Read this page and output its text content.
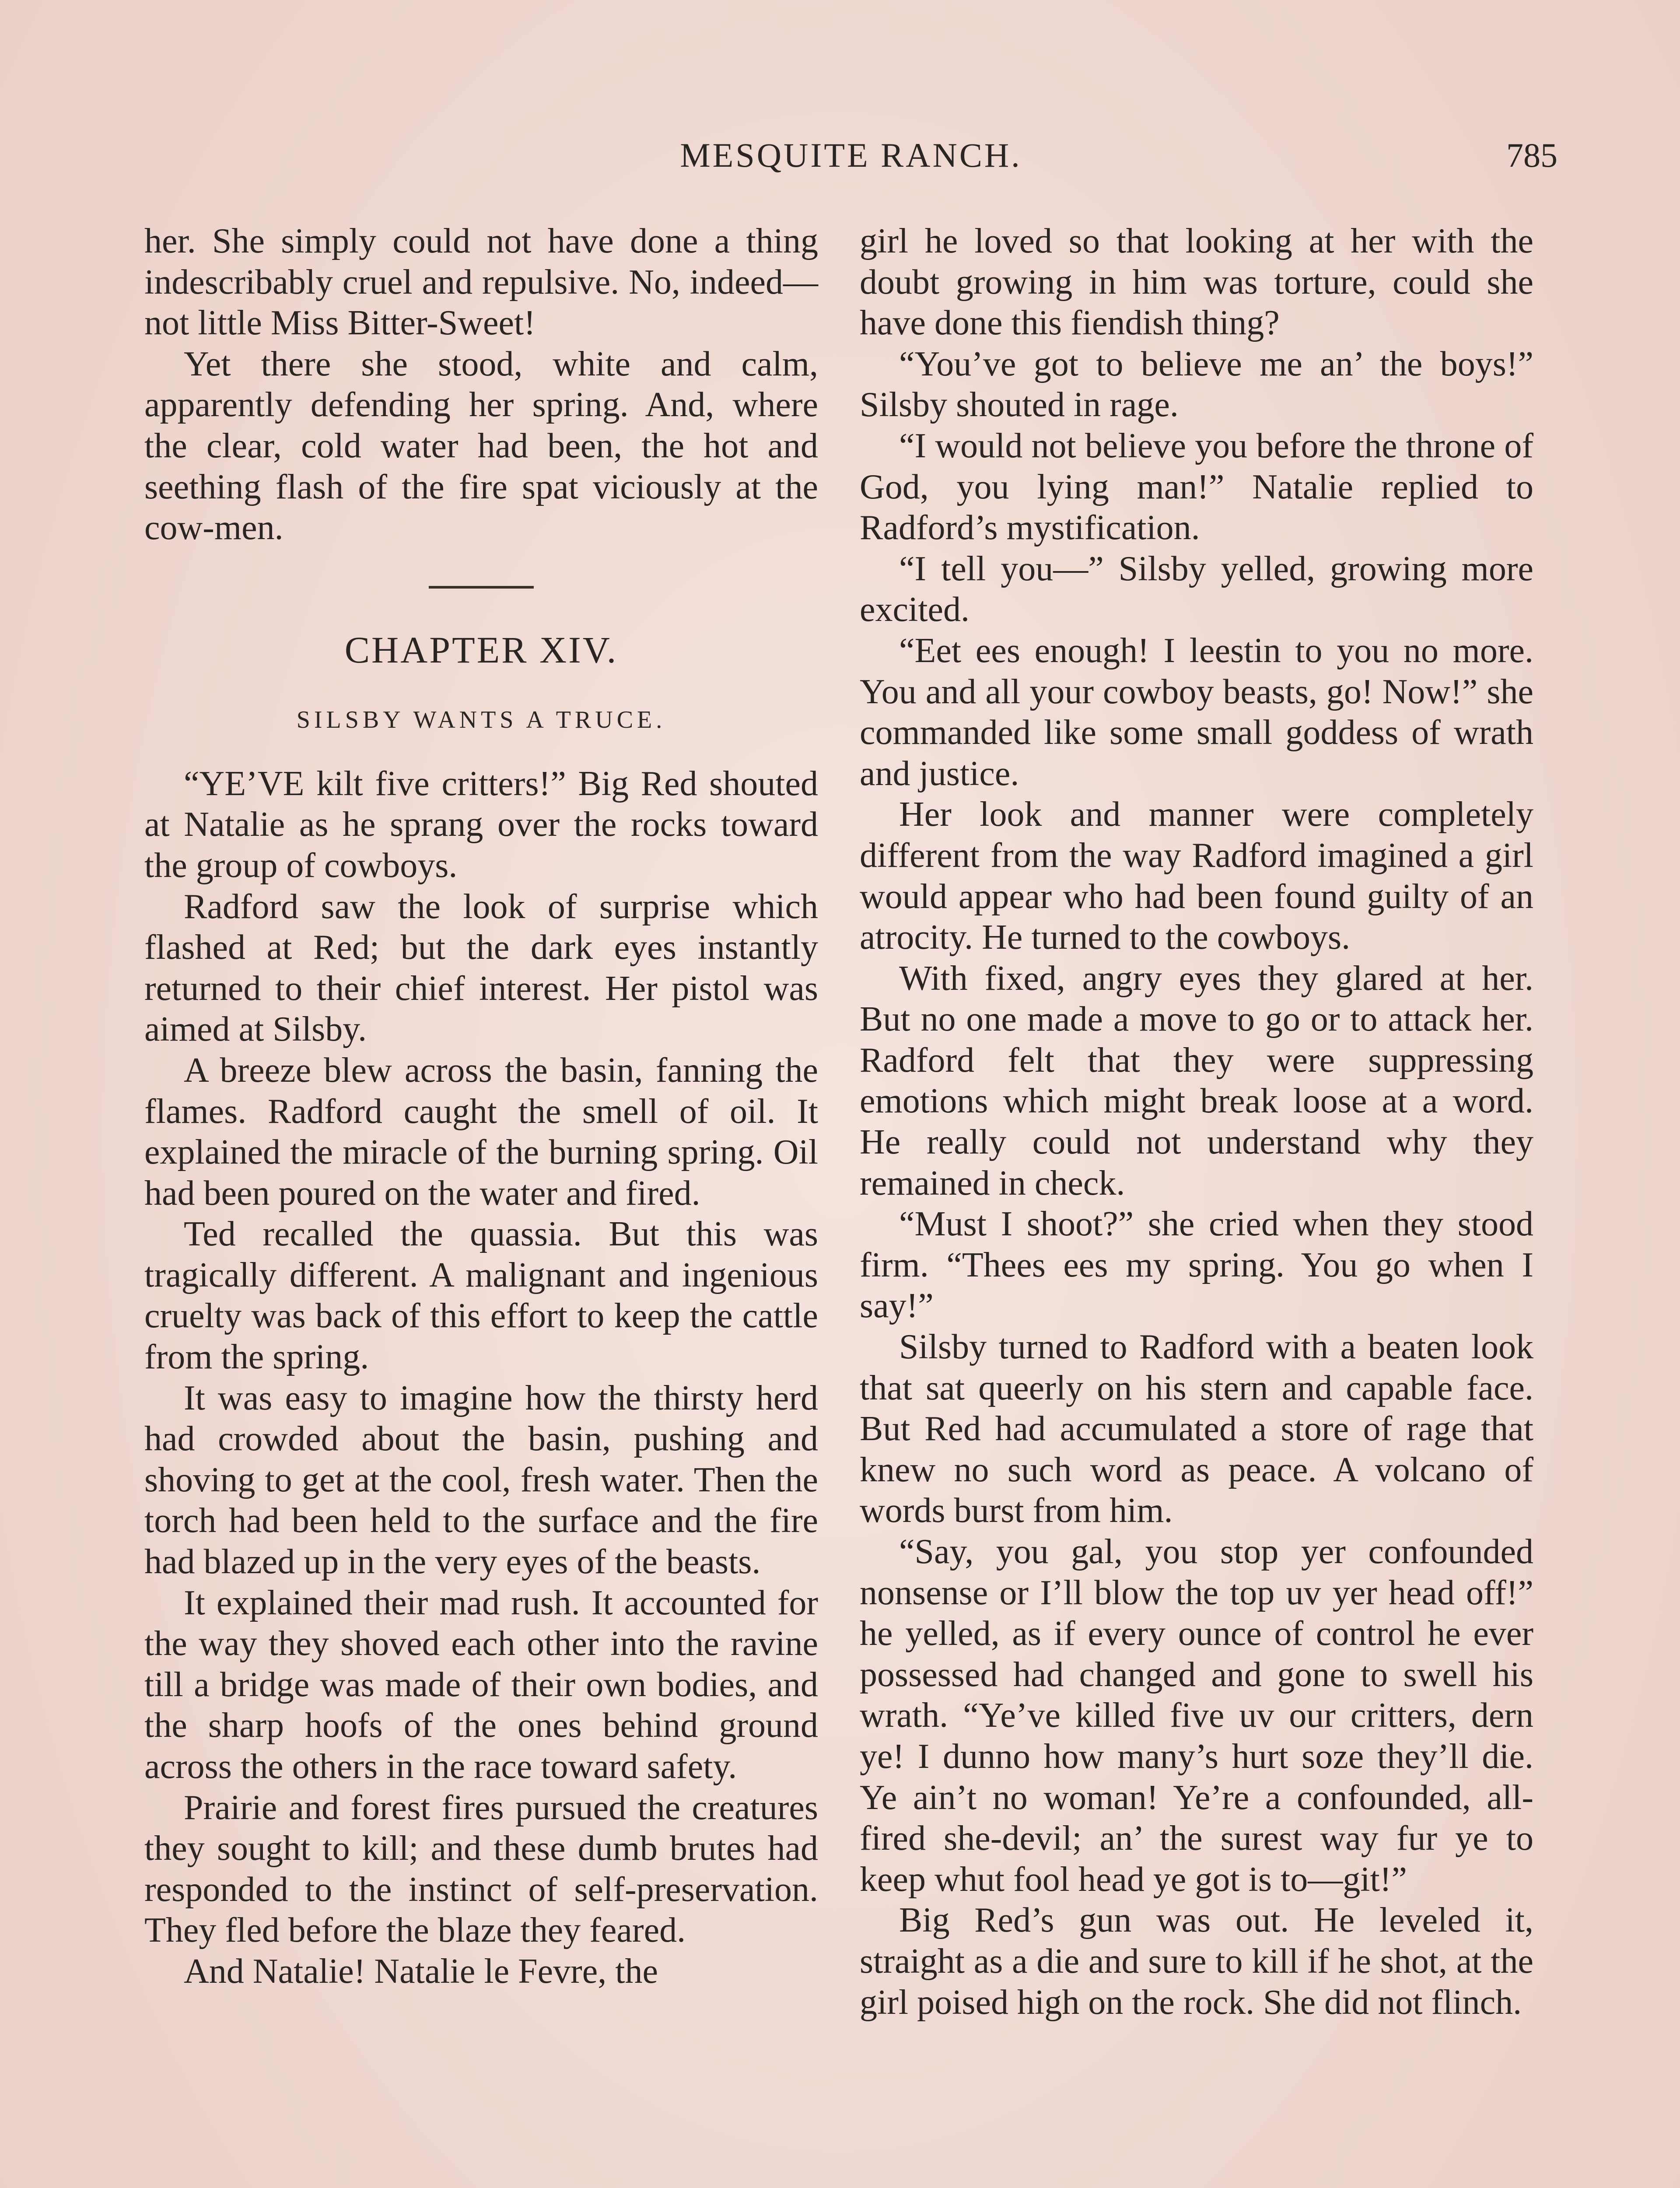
MESQUITE RANCH.	785

her. She simply could not have done a thing indescribably cruel and repulsive. No, indeed—not little Miss Bitter-Sweet!

Yet there she stood, white and calm, apparently defending her spring. And, where the clear, cold water had been, the hot and seething flash of the fire spat viciously at the cow-men.

CHAPTER XIV.
SILSBY WANTS A TRUCE.

“YE’VE kilt five critters!” Big Red shouted at Natalie as he sprang over the rocks toward the group of cowboys.

Radford saw the look of surprise which flashed at Red; but the dark eyes instantly returned to their chief interest. Her pistol was aimed at Silsby.

A breeze blew across the basin, fanning the flames. Radford caught the smell of oil. It explained the miracle of the burning spring. Oil had been poured on the water and fired.

Ted recalled the quassia. But this was tragically different. A malignant and ingenious cruelty was back of this effort to keep the cattle from the spring.

It was easy to imagine how the thirsty herd had crowded about the basin, pushing and shoving to get at the cool, fresh water. Then the torch had been held to the surface and the fire had blazed up in the very eyes of the beasts.

It explained their mad rush. It accounted for the way they shoved each other into the ravine till a bridge was made of their own bodies, and the sharp hoofs of the ones behind ground across the others in the race toward safety.

Prairie and forest fires pursued the creatures they sought to kill; and these dumb brutes had responded to the instinct of self-preservation. They fled before the blaze they feared.

And Natalie! Natalie le Fevre, the

girl he loved so that looking at her with the doubt growing in him was torture, could she have done this fiendish thing?

“You’ve got to believe me an’ the boys!” Silsby shouted in rage.

“I would not believe you before the throne of God, you lying man!” Natalie replied to Radford’s mystification.

“I tell you—” Silsby yelled, growing more excited.

“Eet ees enough! I leestin to you no more. You and all your cowboy beasts, go! Now!” she commanded like some small goddess of wrath and justice.

Her look and manner were completely different from the way Radford imagined a girl would appear who had been found guilty of an atrocity. He turned to the cowboys.

With fixed, angry eyes they glared at her. But no one made a move to go or to attack her. Radford felt that they were suppressing emotions which might break loose at a word. He really could not understand why they remained in check.

“Must I shoot?” she cried when they stood firm. “Thees ees my spring. You go when I say!”

Silsby turned to Radford with a beaten look that sat queerly on his stern and capable face. But Red had accumulated a store of rage that knew no such word as peace. A volcano of words burst from him.

“Say, you gal, you stop yer confounded nonsense or I’ll blow the top uv yer head off!” he yelled, as if every ounce of control he ever possessed had changed and gone to swell his wrath. “Ye’ve killed five uv our critters, dern ye! I dunno how many’s hurt soze they’ll die. Ye ain’t no woman! Ye’re a confounded, all-fired she-devil; an’ the surest way fur ye to keep whut fool head ye got is to—git!”

Big Red’s gun was out. He leveled it, straight as a die and sure to kill if he shot, at the girl poised high on the rock. She did not flinch.
